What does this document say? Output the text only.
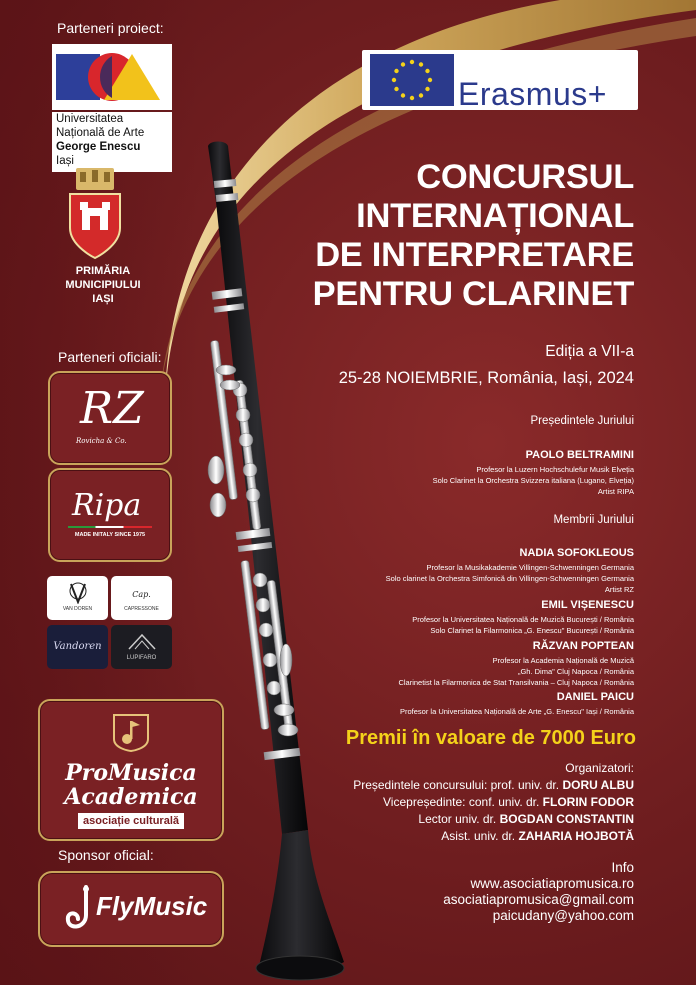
Parteneri proiect:
Universitatea Națională de Arte
George Enescu
Iași
PRIMĂRIA
MUNICIPIULUI
IAȘI
Erasmus+
CONCURSUL
INTERNAȚIONAL
DE INTERPRETARE
PENTRU CLARINET
Ediția a VII-a
25-28 NOIEMBRIE, România, Iași, 2024
Președintele Juriului
PAOLO BELTRAMINI
Profesor la Luzern Hochschulefur Musik Elveția
Solo Clarinet la Orchestra Svizzera italiana (Lugano, Elveția)
Artist RIPA
Membrii Juriului
NADIA SOFOKLEOUS
Profesor la Musikakademie Villingen-Schwenningen Germania
Solo clarinet la Orchestra Simfonică din Villingen-Schwenningen Germania
Artist RZ
EMIL VIȘENESCU
Profesor la Universitatea Națională de Muzică București / România
Solo Clarinet la Filarmonica „G. Enescu" București / România
RĂZVAN POPTEAN
Profesor la Academia Națională de Muzică
„Gh. Dima" Cluj Napoca / România
Clarinetist la Filarmonica de Stat Transilvania – Cluj Napoca / România
DANIEL PAICU
Profesor la Universitatea Națională de Arte „G. Enescu" Iași / România
Premii în valoare de 7000 Euro
Organizatori:
Președintele concursului: prof. univ. dr. DORU ALBU
Vicepreședinte: conf. univ. dr. FLORIN FODOR
Lector univ. dr. BOGDAN CONSTANTIN
Asist. univ. dr. ZAHARIA HOJBOTĂ
Info
www.asociatiapromusica.ro
asociatiapromusica@gmail.com
paicudany@yahoo.com
Parteneri oficiali:
RZ
Rovicha & Co.
Ripa
MADE INITALY SINCE 1975
VAN DOREN
Cap.
CAPRESSONE
Vandoren
LUPIFARO
ProMusica
Academica
asociație culturală
Sponsor oficial:
FlyMusic
